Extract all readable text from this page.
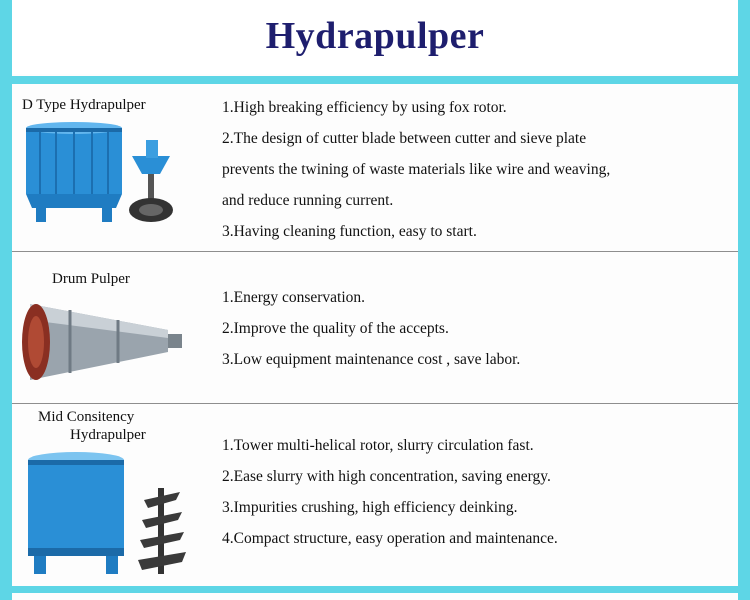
Hydrapulper
D Type Hydrapulper	1.High breaking efficiency by using fox rotor.
2.The design of cutter blade between cutter and sieve plate
prevents the twining of waste materials like wire and weaving,
and reduce running current.
3.Having cleaning function, easy to start.
Drum Pulper
1.Energy conservation.
2.Improve the quality of the accepts.
3.Low equipment maintenance cost , save labor.
Mid Consitency
Hydrapulper
1.Tower multi-helical rotor, slurry circulation fast.
2.Ease slurry with high concentration, saving energy.
3.Impurities crushing, high efficiency deinking.
4.Compact structure, easy operation and maintenance.
